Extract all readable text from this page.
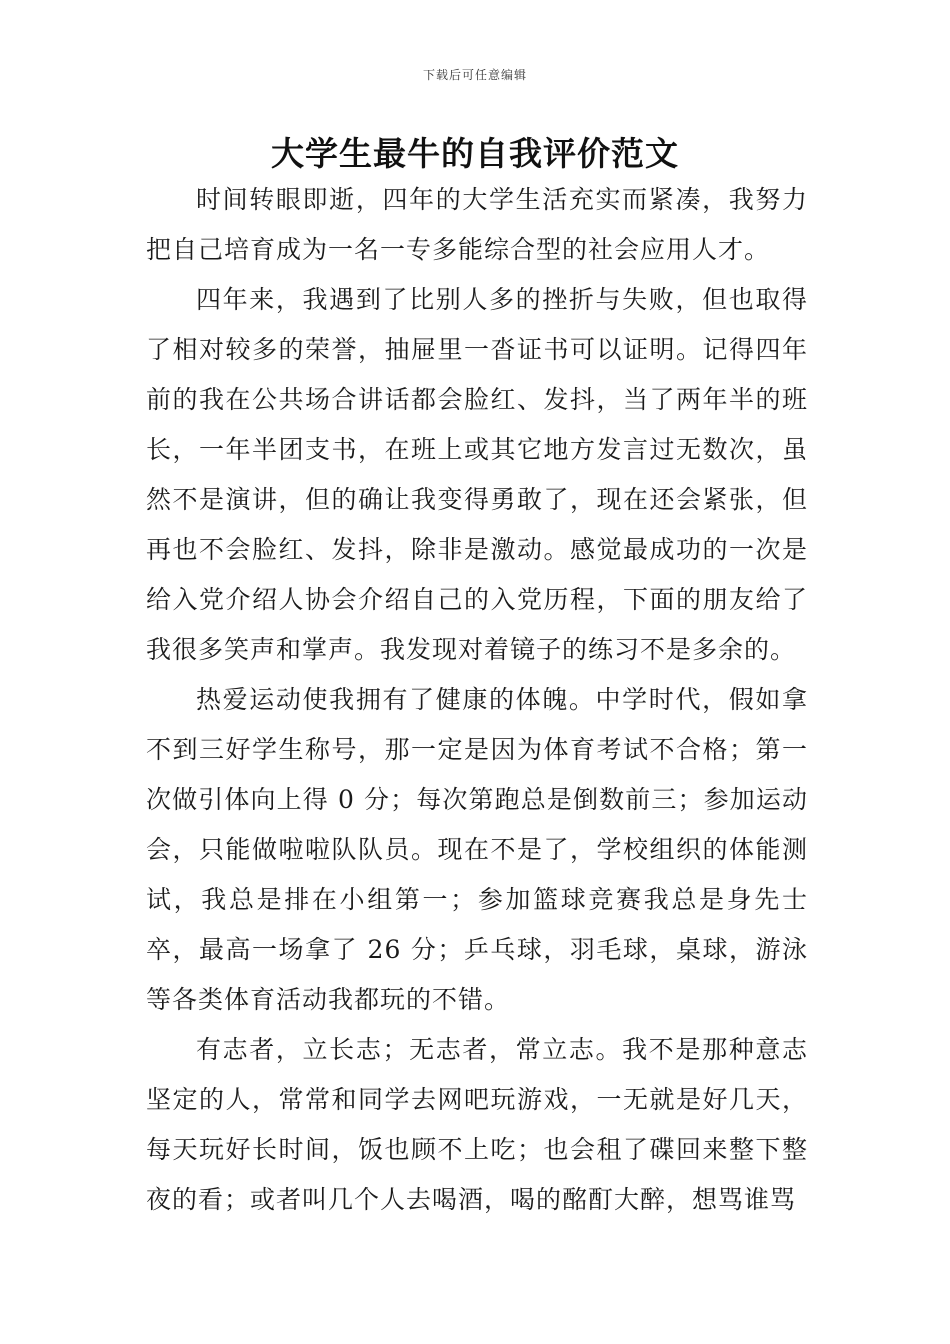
下载后可任意编辑
大学生最牛的自我评价范文

时间转眼即逝，四年的大学生活充实而紧凑，我努力把自己培育成为一名一专多能综合型的社会应用人才。

四年来，我遇到了比别人多的挫折与失败，但也取得了相对较多的荣誉，抽屉里一沓证书可以证明。记得四年前的我在公共场合讲话都会脸红、发抖，当了两年半的班长，一年半团支书，在班上或其它地方发言过无数次，虽然不是演讲，但的确让我变得勇敢了，现在还会紧张，但再也不会脸红、发抖，除非是激动。感觉最成功的一次是给入党介绍人协会介绍自己的入党历程，下面的朋友给了我很多笑声和掌声。我发现对着镜子的练习不是多余的。

热爱运动使我拥有了健康的体魄。中学时代，假如拿不到三好学生称号，那一定是因为体育考试不合格；第一次做引体向上得 0 分；每次第跑总是倒数前三；参加运动会，只能做啦啦队队员。现在不是了，学校组织的体能测试，我总是排在小组第一；参加篮球竞赛我总是身先士卒，最高一场拿了 26 分；乒乓球，羽毛球，桌球，游泳等各类体育活动我都玩的不错。

有志者，立长志；无志者，常立志。我不是那种意志坚定的人，常常和同学去网吧玩游戏，一无就是好几天，每天玩好长时间，饭也顾不上吃；也会租了碟回来整下整夜的看；或者叫几个人去喝酒，喝的酩酊大醉，想骂谁骂
